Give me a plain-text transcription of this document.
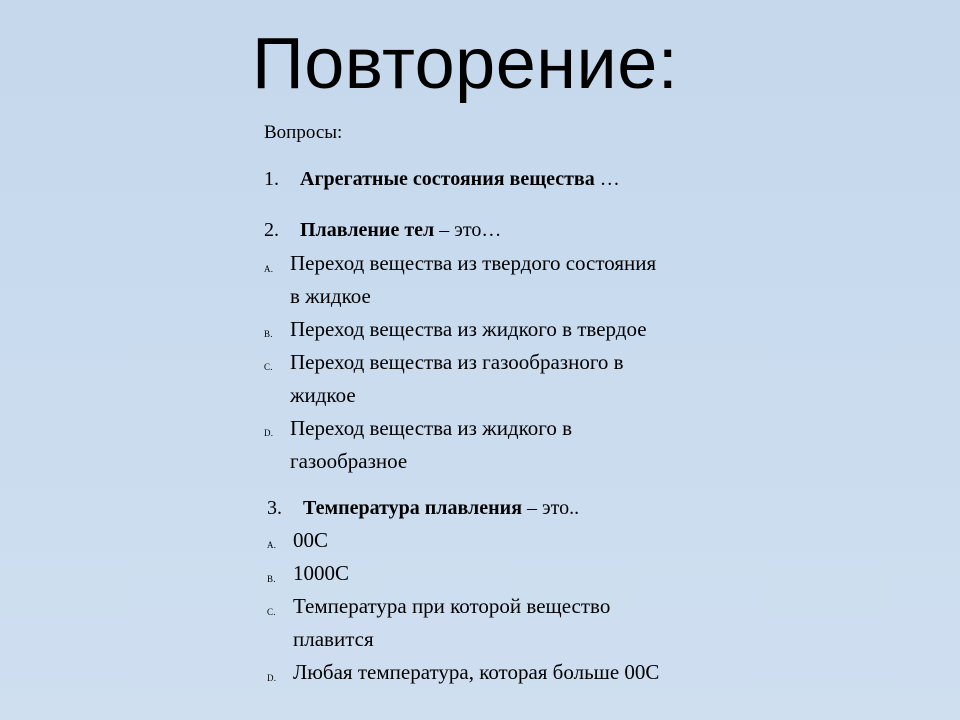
Повторение:
Вопросы:
1. Агрегатные состояния вещества …
2. Плавление тел – это…
A. Переход вещества из твердого состояния
в жидкое
B. Переход вещества из жидкого в твердое
C. Переход вещества из газообразного в
жидкое
D. Переход вещества из жидкого в
газообразное
3. Температура плавления – это..
A. 00С
B. 1000С
C. Температура при которой вещество
плавится
D. Любая температура, которая больше 00С
